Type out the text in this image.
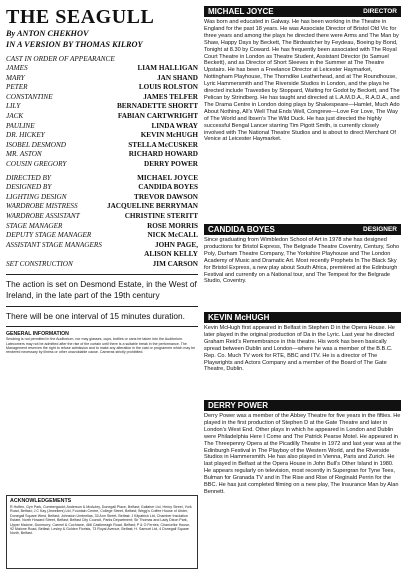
THE SEAGULL
By ANTON CHEKHOV
IN A VERSION BY THOMAS KILROY
CAST IN ORDER OF APPEARANCE
JAMES	LIAM HALLIGAN
MARY	JAN SHAND
PETER	LOUIS ROLSTON
CONSTANTINE	JAMES TELFER
LILY	BERNADETTE SHORTT
JACK	FABIAN CARTWRIGHT
PAULINE	LINDA WRAY
DR. HICKEY	KEVIN McHUGH
ISOBEL DESMOND	STELLA McCUSKER
MR. ASTON	RICHARD HOWARD
COUSIN GREGORY	DERRY POWER
DIRECTED BY	MICHAEL JOYCE
DESIGNED BY	CANDIDA BOYES
LIGHTING DESIGN	TREVOR DAWSON
WARDROBE MISTRESS	JACQUELINE BERRYMAN
WARDROBE ASSISTANT	CHRISTINE STERITT
STAGE MANAGER	ROSE MORRIS
DEPUTY STAGE MANAGER	NICK McCALL
ASSISTANT STAGE MANAGERS	JOHN PAGE,
ALISON KELLY
SET CONSTRUCTION	JIM CARSON
The action is set on Desmond Estate, in the West of Ireland, in the late part of the 19th century
There will be one interval of 15 minutes duration.
GENERAL INFORMATION
Smoking is not permitted in the Auditorium, nor may glasses, cups, bottles or cans be taken into the Auditorium. Latecomers may not be admitted after the rise of the curtain until there is a suitable break in the performance. The Management reserves the right to refuse admission and to make any alteration in the cast or programme which may be rendered necessary by illness or other unavoidable cause. Cameras strictly prohibited.
ACKNOWLEDGEMENTS
R Huffen, Gyn Park, Cumbergauld; Anderson & McAuley, Donegall Place, Belfast; Gallaher Ltd, Henry Street, York Road, Belfast; J C Kay (Jewellers) Ltd, Fountain Centre, College Street, Belfast; Wegg’s Coffee House of Ulster, Donegall Square West, Belfast; Johnston Umbrellas, 33 Ann Street, Belfast; J Kilpatrick Ltd, Chamber Insulation Estate, North Howard Street, Belfast; Belfast City Council, Parks Department; Sir Thomas and Lady Dixon Park, Upper Malone, Dunmurry; Carmel & Cochrane, 466 Castlereagh Road, Belfast; P & O Ferries, Chancellor House, 92 Malone Road, Belfast; Lesley & Golden Florists, 73 Royal Avenue, Belfast; H. Samuel Ltd, 4 Donegall Square North, Belfast.
MICHAEL JOYCE	DIRECTOR
Was born and educated in Galway. He has been working in the Theatre in England for the past 18 years. He was Associate Director of Bristol Old Vic for three years and among the plays he directed there were Arms and The Man by Shaw, Happy Days by Beckett, The Birdwatcher by Feydeau, Boeing by Bond, Tonight at 8.30 by Coward. He has frequently been associated with The Royal Court Theatre in London as Theatre Student, Assistant Director (to Samuel Beckett), and as Director of Short Sleeves in the Summer at The Theatre Upstairs. He has been a Freelance Director at Leicester Haymarket, Nottingham Playhouse, The Thorndike Leatherhead, and at The Roundhouse, Lyric Hammersmith and The Riverside Studios in London, and the plays he directed include Travesties by Stoppard, Waiting for Godot by Beckett, and The Pelican by Strindberg. He has taught and directed at L.A.M.D.A., R.A.D.A., and The Drama Centre in London doing plays by Shakespeare—Hamlet, Much Ado About Nothing, All’s Well That Ends Well, Congreve—Love For Love, The Way of The World and Ibsen’s The Wild Duck. He has just directed the highly successful Bengal Lancer starring Tim Pigott Smith, is currently closely involved with The National Theatre Studios and is about to direct Merchant Of Venice at Leicester Haymarket.
CANDIDA BOYES	DESIGNER
Since graduating from Wimbledon School of Art in 1978 she has designed productions for Bristol Express, The Belgrade Theatre Coventry, Century, Soho Poly, Durham Theatre Company, The Yorkshire Playhouse and The London Academy of Music and Dramatic Art. Most recently Prophets In The Black Sky for Bristol Express, a new play about South Africa, premièred at the Edinburgh Festival and currently on a National tour, and The Tempest for the Belgrade Studio, Coventry.
KEVIN McHUGH
Kevin McHugh first appeared in Belfast in Stephen D in the Opera House. He later played in the original production of Da in the Lyric. Last year he directed Graham Reid’s Remembrance in this theatre. His work has been basically spread between Dublin and London—where he was a member of the B.B.C. Rep. Co. Much TV work for RTE, BBC and ITV. He is a director of The Playwrights and Actors Company and a member of the Board of The Gate Theatre, Dublin.
DERRY POWER
Derry Power was a member of the Abbey Theatre for five years in the fifties. He played in the first production of Stephen D at the Gate Theatre and later in London’s West End. Other plays in which he appeared in London and Dublin were Philadelphia Here I Come and The Patrick Pearse Motel. He appeared in The Threepenny Opera at the Picadilly Theatre in 1972 and last year was at the Edinburgh Festival in The Playboy of the Western World, and the Riverside Studios in Hammersmith. He has also played in Vienna, Paris and Zurich. He last played in Belfast at the Opera House in John Bull’s Other Island in 1980. He appears regularly on television, most recently in Supergran for Tyne Tees, Bulman for Granada TV and in The Rise and Rise of Reginald Perrin for the BBC. He has just completed filming on a new play, The Insurance Man by Alan Bennett.
